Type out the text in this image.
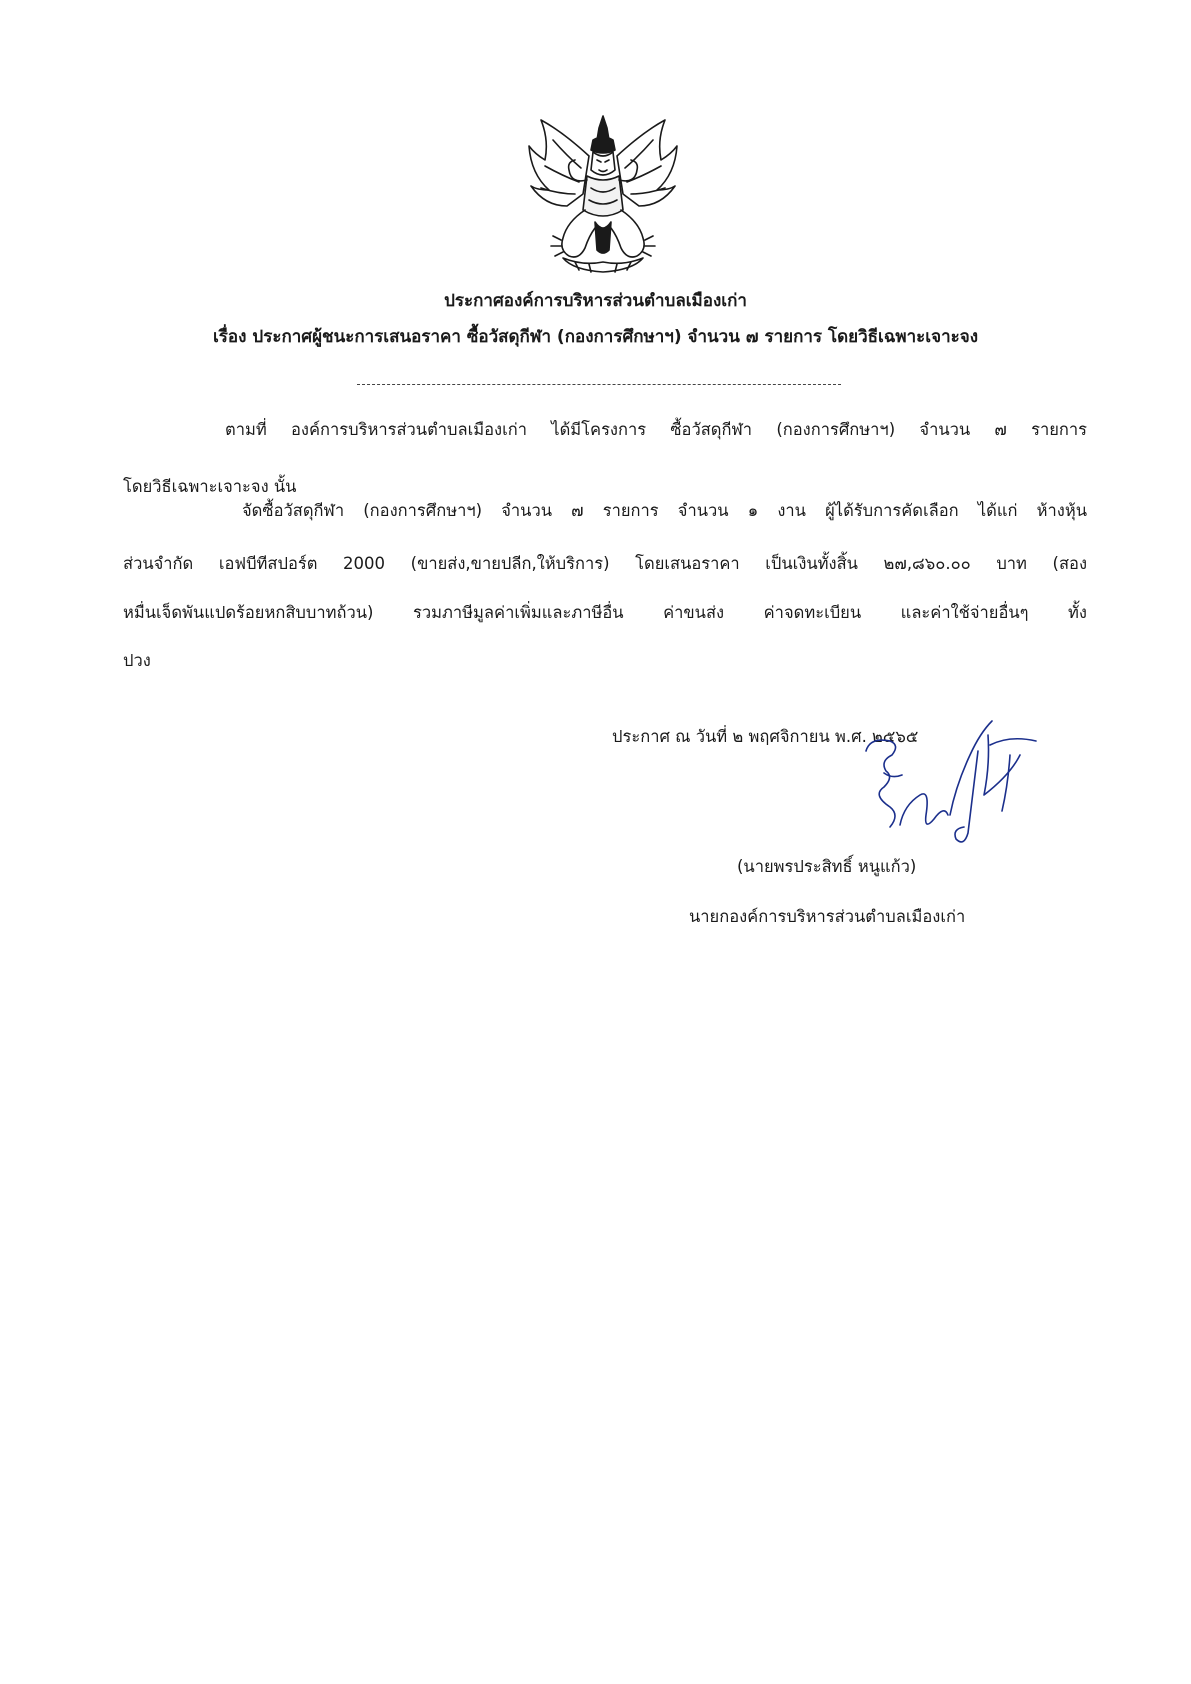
ประกาศองค์การบริหารส่วนตำบลเมืองเก่า
เรื่อง ประกาศผู้ชนะการเสนอราคา ซื้อวัสดุกีฬา (กองการศึกษาฯ) จำนวน ๗ รายการ โดยวิธีเฉพาะเจาะจง
ตามที่ องค์การบริหารส่วนตำบลเมืองเก่า ได้มีโครงการ ซื้อวัสดุกีฬา (กองการศึกษาฯ) จำนวน ๗ รายการ
โดยวิธีเฉพาะเจาะจง นั้น
จัดซื้อวัสดุกีฬา (กองการศึกษาฯ) จำนวน ๗ รายการ จำนวน ๑ งาน ผู้ได้รับการคัดเลือก ได้แก่ ห้างหุ้น
ส่วนจำกัด เอฟบีทีสปอร์ต 2000 (ขายส่ง,ขายปลีก,ให้บริการ) โดยเสนอราคา เป็นเงินทั้งสิ้น ๒๗,๘๖๐.๐๐ บาท (สอง
หมื่นเจ็ดพันแปดร้อยหกสิบบาทถ้วน) รวมภาษีมูลค่าเพิ่มและภาษีอื่น ค่าขนส่ง ค่าจดทะเบียน และค่าใช้จ่ายอื่นๆ ทั้ง
ปวง
ประกาศ ณ วันที่ ๒ พฤศจิกายน พ.ศ. ๒๕๖๕
(นายพรประสิทธิ์ หนูแก้ว)
นายกองค์การบริหารส่วนตำบลเมืองเก่า
